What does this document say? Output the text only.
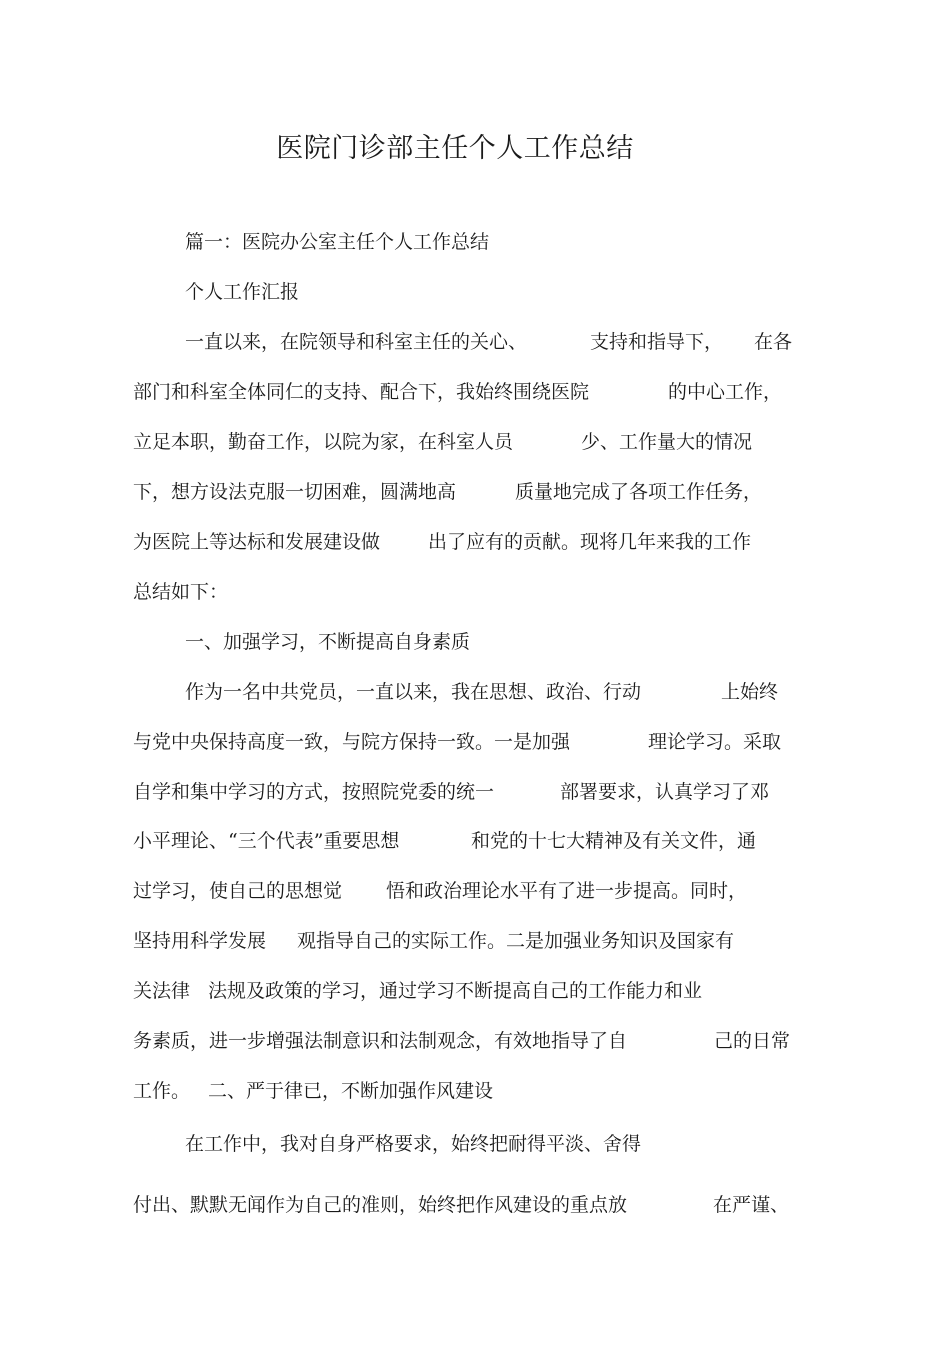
医院门诊部主任个人工作总结
篇一：医院办公室主任个人工作总结
个人工作汇报
一直以来，在院领导和科室主任的关心、	支持和指导下， 在各
部门和科室全体同仁的支持、配合下，我始终围绕医院	的中心工作，
立足本职，勤奋工作，以院为家，在科室人员	少、工作量大的情况
下，想方设法克服一切困难，圆满地高	质量地完成了各项工作任务，
为医院上等达标和发展建设做	出了应有的贡献。现将几年来我的工作
总结如下：
一、加强学习，不断提高自身素质
作为一名中共党员，一直以来，我在思想、政治、行动	上始终
与党中央保持高度一致，与院方保持一致。一是加强	理论学习。采取
自学和集中学习的方式，按照院党委的统一	部署要求，认真学习了邓
小平理论、“三个代表”重要思想	和党的十七大精神及有关文件，通
过学习，使自己的思想觉 悟和政治理论水平有了进一步提高。同时，
坚持用科学发展 观指导自己的实际工作。二是加强业务知识及国家有
关法律 法规及政策的学习，通过学习不断提高自己的工作能力和业
务素质，进一步增强法制意识和法制观念，有效地指导了自	己的日常
工作。 二、严于律已，不断加强作风建设
在工作中，我对自身严格要求，始终把耐得平淡、舍得
付出、默默无闻作为自己的准则，始终把作风建设的重点放	在严谨、
